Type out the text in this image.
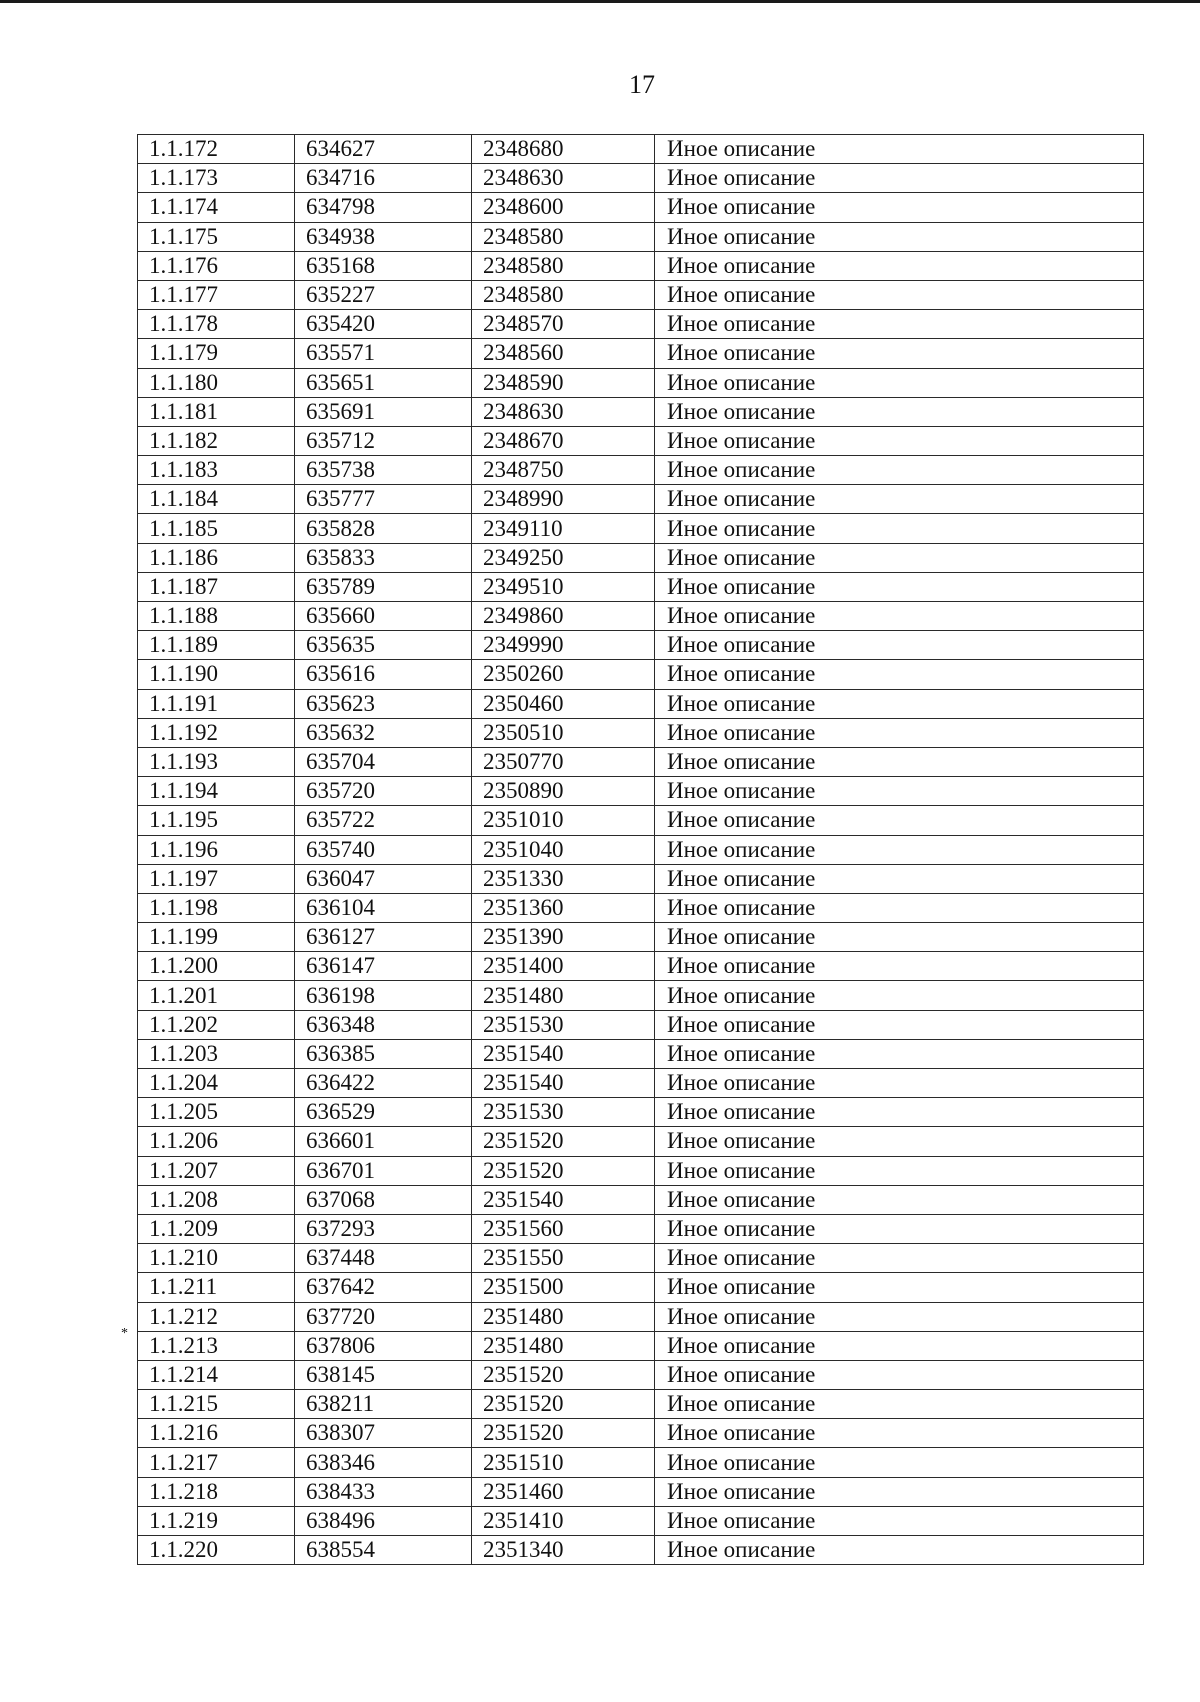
17
*
1.1.172	634627	2348680	Иное описание
1.1.173	634716	2348630	Иное описание
1.1.174	634798	2348600	Иное описание
1.1.175	634938	2348580	Иное описание
1.1.176	635168	2348580	Иное описание
1.1.177	635227	2348580	Иное описание
1.1.178	635420	2348570	Иное описание
1.1.179	635571	2348560	Иное описание
1.1.180	635651	2348590	Иное описание
1.1.181	635691	2348630	Иное описание
1.1.182	635712	2348670	Иное описание
1.1.183	635738	2348750	Иное описание
1.1.184	635777	2348990	Иное описание
1.1.185	635828	2349110	Иное описание
1.1.186	635833	2349250	Иное описание
1.1.187	635789	2349510	Иное описание
1.1.188	635660	2349860	Иное описание
1.1.189	635635	2349990	Иное описание
1.1.190	635616	2350260	Иное описание
1.1.191	635623	2350460	Иное описание
1.1.192	635632	2350510	Иное описание
1.1.193	635704	2350770	Иное описание
1.1.194	635720	2350890	Иное описание
1.1.195	635722	2351010	Иное описание
1.1.196	635740	2351040	Иное описание
1.1.197	636047	2351330	Иное описание
1.1.198	636104	2351360	Иное описание
1.1.199	636127	2351390	Иное описание
1.1.200	636147	2351400	Иное описание
1.1.201	636198	2351480	Иное описание
1.1.202	636348	2351530	Иное описание
1.1.203	636385	2351540	Иное описание
1.1.204	636422	2351540	Иное описание
1.1.205	636529	2351530	Иное описание
1.1.206	636601	2351520	Иное описание
1.1.207	636701	2351520	Иное описание
1.1.208	637068	2351540	Иное описание
1.1.209	637293	2351560	Иное описание
1.1.210	637448	2351550	Иное описание
1.1.211	637642	2351500	Иное описание
1.1.212	637720	2351480	Иное описание
1.1.213	637806	2351480	Иное описание
1.1.214	638145	2351520	Иное описание
1.1.215	638211	2351520	Иное описание
1.1.216	638307	2351520	Иное описание
1.1.217	638346	2351510	Иное описание
1.1.218	638433	2351460	Иное описание
1.1.219	638496	2351410	Иное описание
1.1.220	638554	2351340	Иное описание
